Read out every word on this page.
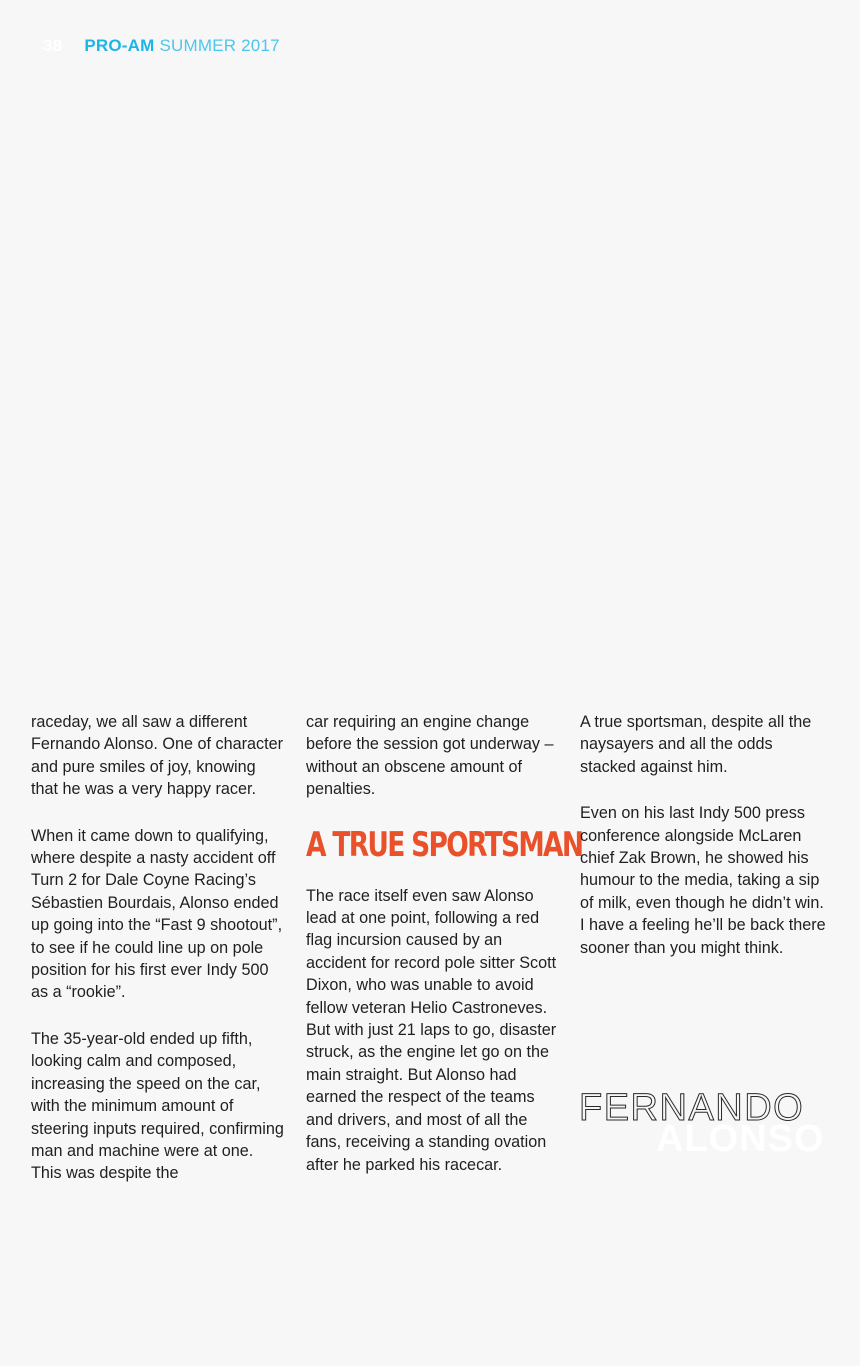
38 PRO-AM SUMMER 2017

raceday, we all saw a different Fernando Alonso. One of character and pure smiles of joy, knowing that he was a very happy racer.

When it came down to qualifying, where despite a nasty accident off Turn 2 for Dale Coyne Racing’s Sébastien Bourdais, Alonso ended up going into the “Fast 9 shootout”, to see if he could line up on pole position for his first ever Indy 500 as a “rookie”.

The 35-year-old ended up fifth, looking calm and composed, increasing the speed on the car, with the minimum amount of steering inputs required, confirming man and machine were at one. This was despite the

car requiring an engine change before the session got underway – without an obscene amount of penalties.

A TRUE SPORTSMAN

The race itself even saw Alonso lead at one point, following a red flag incursion caused by an accident for record pole sitter Scott Dixon, who was unable to avoid fellow veteran Helio Castroneves. But with just 21 laps to go, disaster struck, as the engine let go on the main straight. But Alonso had earned the respect of the teams and drivers, and most of all the fans, receiving a standing ovation after he parked his racecar.

A true sportsman, despite all the naysayers and all the odds stacked against him.

Even on his last Indy 500 press conference alongside McLaren chief Zak Brown, he showed his humour to the media, taking a sip of milk, even though he didn’t win. I have a feeling he’ll be back there sooner than you might think.

FERNANDO
ALONSO
